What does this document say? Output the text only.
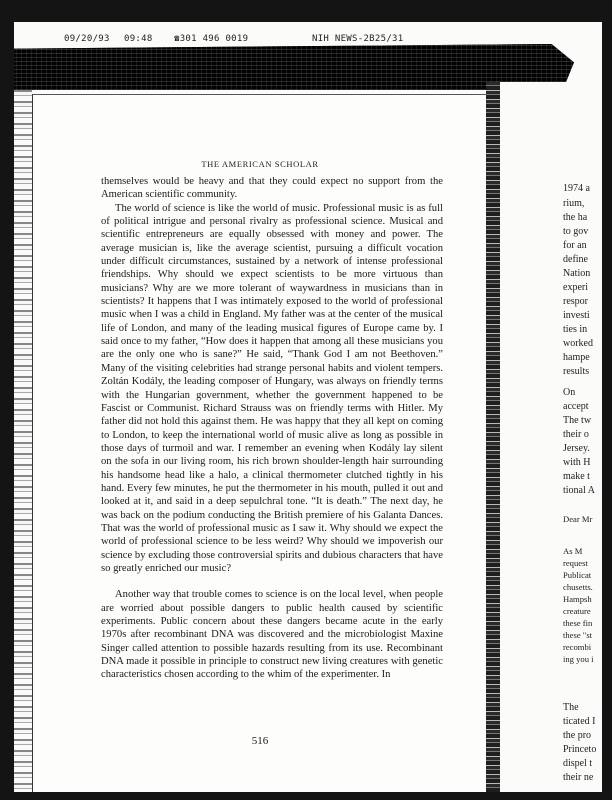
09/20/93

09:48

☎301 496 0019

	NIH NEWS-2B25/31

THE AMERICAN SCHOLAR

themselves would be heavy and that they could expect no support from the American scientific community.

The world of science is like the world of music. Professional music is as full of political intrigue and personal rivalry as professional science. Musical and scientific entrepreneurs are equally obsessed with money and power. The average musician is, like the average scientist, pursuing a difficult vocation under difficult circumstances, sustained by a network of intense professional friendships. Why should we expect scientists to be more virtuous than musicians? Why are we more tolerant of waywardness in musicians than in scientists? It happens that I was intimately exposed to the world of professional music when I was a child in England. My father was at the center of the musical life of London, and many of the leading musical figures of Europe came by. I said once to my father, “How does it happen that among all these musicians you are the only one who is sane?” He said, “Thank God I am not Beethoven.” Many of the visiting celebrities had strange personal habits and violent tempers. Zoltán Kodály, the leading composer of Hungary, was always on friendly terms with the Hungarian government, whether the government happened to be Fascist or Communist. Richard Strauss was on friendly terms with Hitler. My father did not hold this against them. He was happy that they all kept on coming to London, to keep the international world of music alive as long as possible in those days of turmoil and war. I remember an evening when Kodály lay silent on the sofa in our living room, his rich brown shoulder-length hair surrounding his handsome head like a halo, a clinical thermometer clutched tightly in his hand. Every few minutes, he put the thermometer in his mouth, pulled it out and looked at it, and said in a deep sepulchral tone. “It is death.” The next day, he was back on the podium conducting the British premiere of his Galanta Dances. That was the world of professional music as I saw it. Why should we expect the world of professional science to be less weird? Why should we impoverish our science by excluding those controversial spirits and dubious characters that have so greatly enriched our music?

Another way that trouble comes to science is on the local level, when people are worried about possible dangers to public health caused by scientific experiments. Public concern about these dangers became acute in the early 1970s after recombinant DNA was discovered and the microbiologist Maxine Singer called attention to possible hazards resulting from its use. Recombinant DNA made it possible in principle to construct new living creatures with genetic characteristics chosen according to the whim of the experimenter. In

516
1974 a
rium,
the ha
to gov
for an
define
Nation
experi
respor
investi
ties in
worked
hampe
results
On
accept
The tw
their o
Jersey.
with H
make t
tional A
Dear Mr
As M
request
Publicat
chusetts.
Hampsh
creature
these fin
these "st
recombi
ing you i
The
ticated I
the pro
Princeto
dispel t
their ne
